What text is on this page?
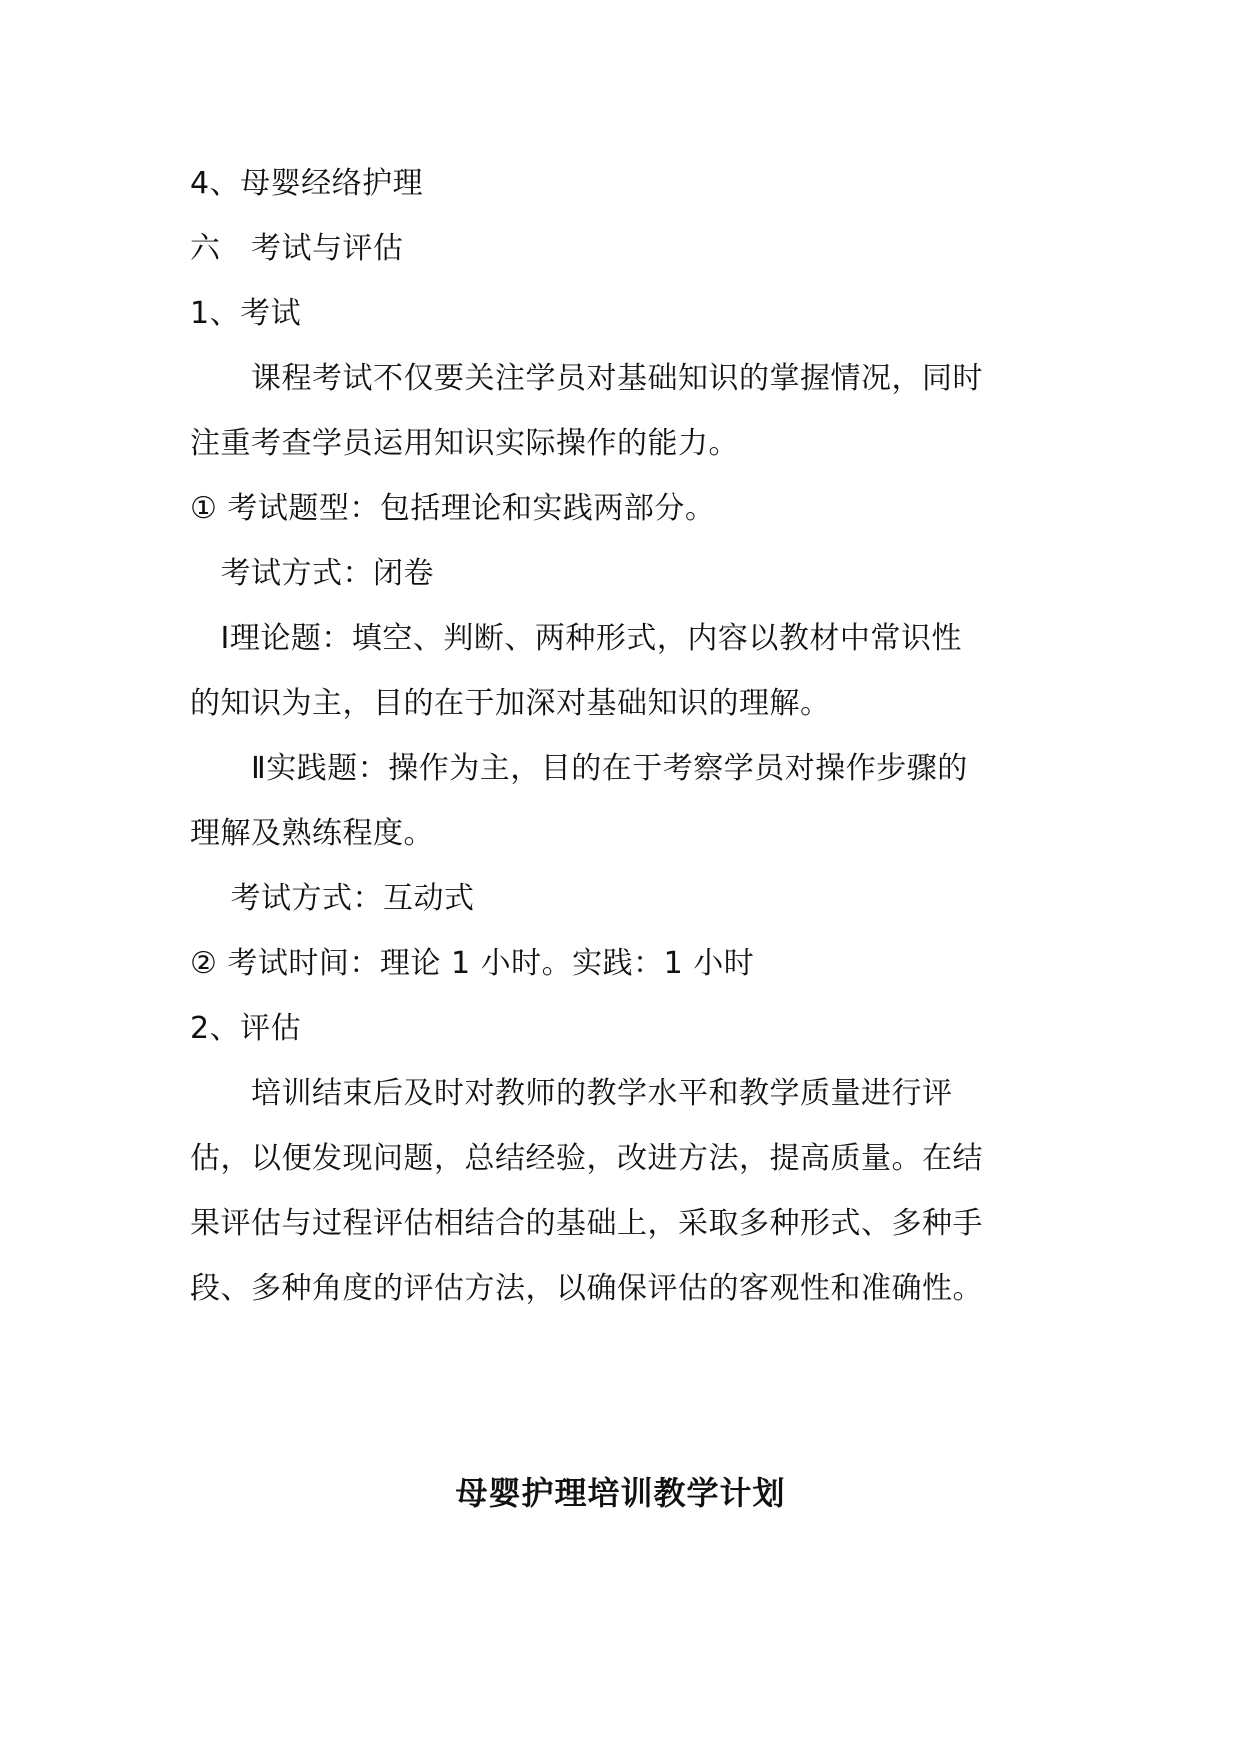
4、母婴经络护理
六　考试与评估
1、考试
　　课程考试不仅要关注学员对基础知识的掌握情况，同时
注重考查学员运用知识实际操作的能力。
① 考试题型：包括理论和实践两部分。
　考试方式：闭卷
　Ⅰ理论题：填空、判断、两种形式，内容以教材中常识性
的知识为主，目的在于加深对基础知识的理解。
　　Ⅱ实践题：操作为主，目的在于考察学员对操作步骤的
理解及熟练程度。
　 考试方式：互动式
② 考试时间：理论 1 小时。实践：1 小时
2、评估
　　培训结束后及时对教师的教学水平和教学质量进行评
估，以便发现问题，总结经验，改进方法，提高质量。在结
果评估与过程评估相结合的基础上，采取多种形式、多种手
段、多种角度的评估方法，以确保评估的客观性和准确性。
母婴护理培训教学计划
